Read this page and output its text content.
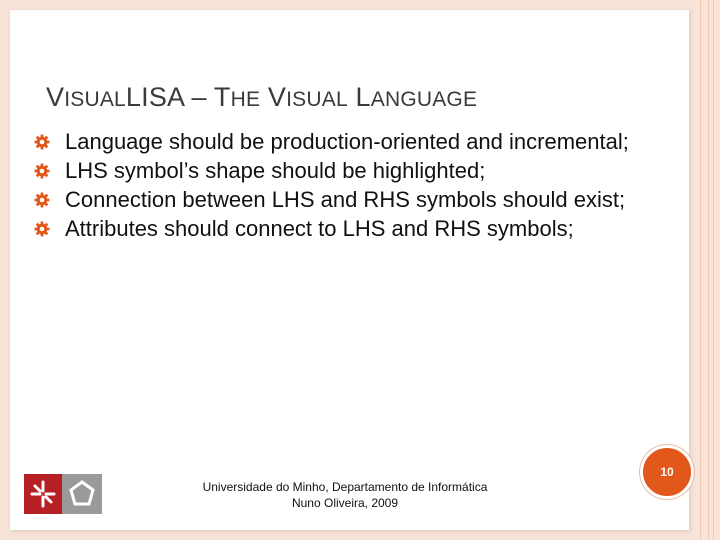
VISUALLISA – THE VISUAL LANGUAGE
Language should be production-oriented and incremental;
LHS symbol’s shape should be highlighted;
Connection between LHS and RHS symbols should exist;
Attributes should connect to LHS and RHS symbols;
Universidade do Minho, Departamento de Informática
Nuno Oliveira, 2009
10
